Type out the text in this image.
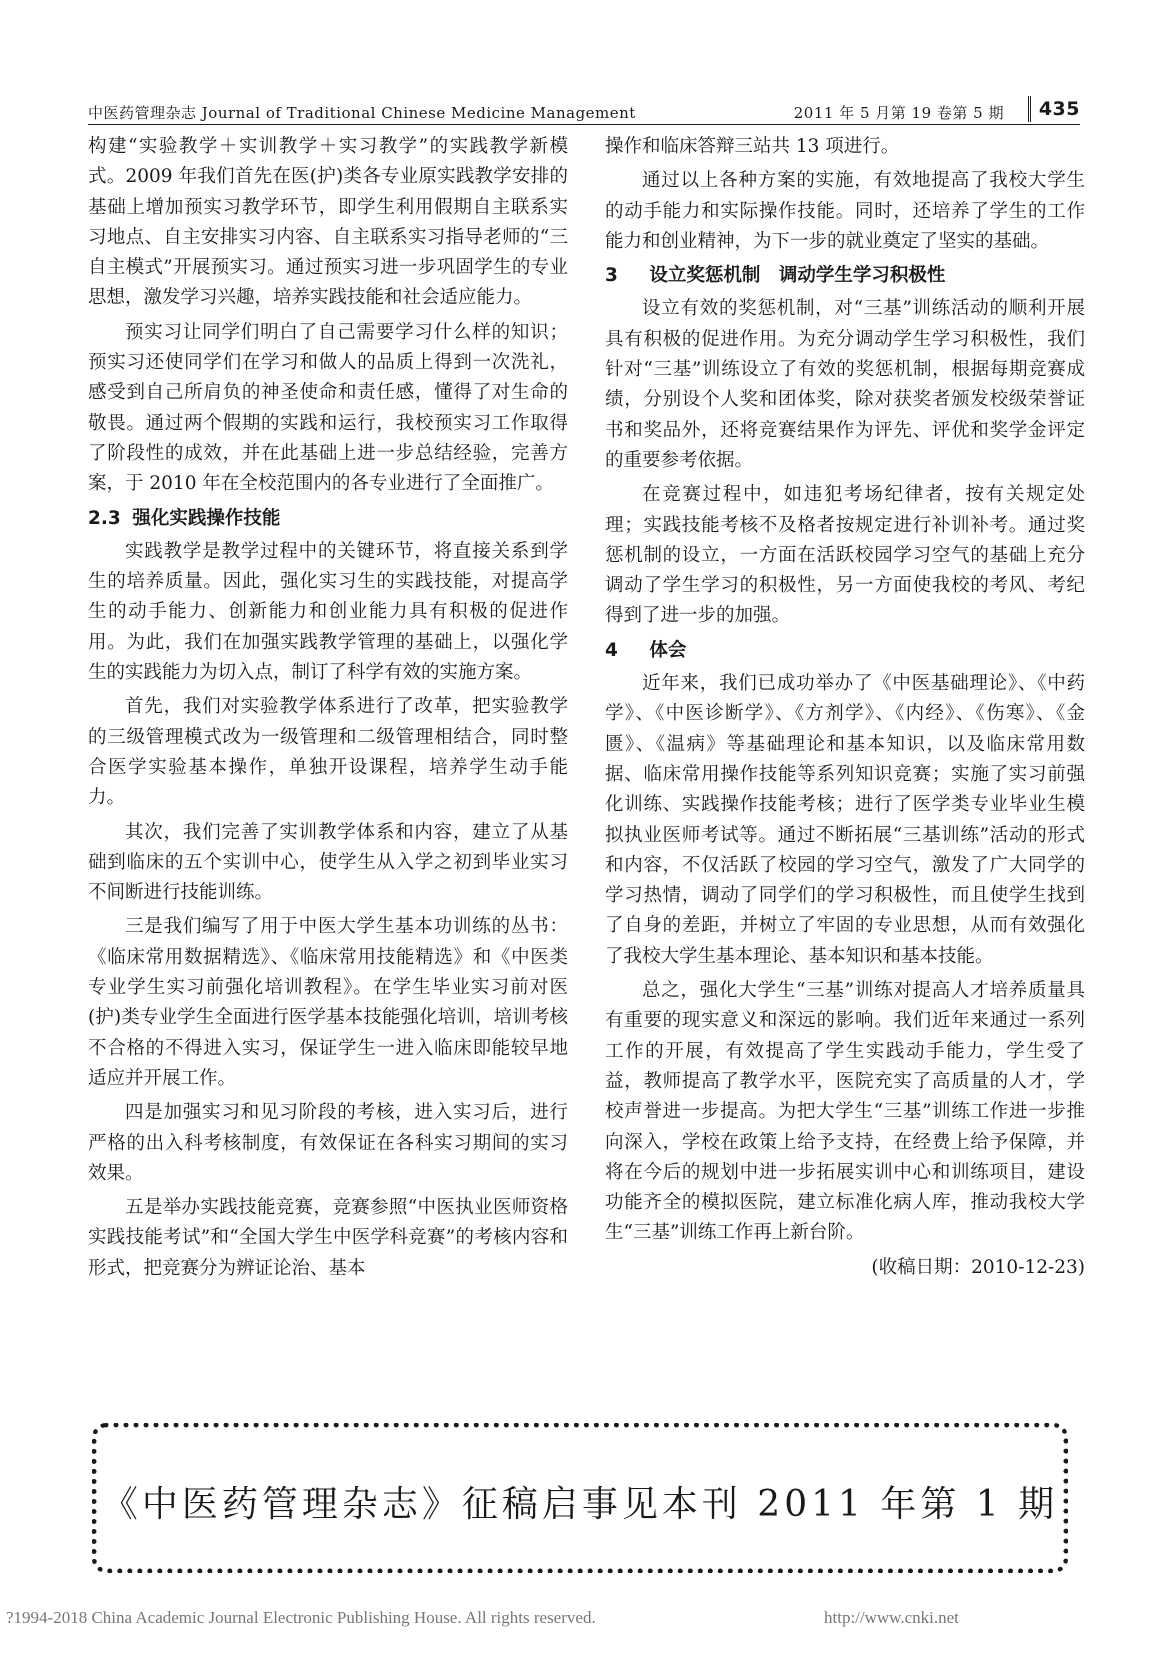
中医药管理杂志 Journal of Traditional Chinese Medicine Management	2011 年 5 月第 19 卷第 5 期	435

构建“实验教学＋实训教学＋实习教学”的实践教学新模式。2009 年我们首先在医(护)类各专业原实践教学安排的基础上增加预实习教学环节，即学生利用假期自主联系实习地点、自主安排实习内容、自主联系实习指导老师的“三自主模式”开展预实习。通过预实习进一步巩固学生的专业思想，激发学习兴趣，培养实践技能和社会适应能力。

预实习让同学们明白了自己需要学习什么样的知识；预实习还使同学们在学习和做人的品质上得到一次洗礼，感受到自己所肩负的神圣使命和责任感，懂得了对生命的敬畏。通过两个假期的实践和运行，我校预实习工作取得了阶段性的成效，并在此基础上进一步总结经验，完善方案，于 2010 年在全校范围内的各专业进行了全面推广。

2.3 强化实践操作技能

实践教学是教学过程中的关键环节，将直接关系到学生的培养质量。因此，强化实习生的实践技能，对提高学生的动手能力、创新能力和创业能力具有积极的促进作用。为此，我们在加强实践教学管理的基础上，以强化学生的实践能力为切入点，制订了科学有效的实施方案。

首先，我们对实验教学体系进行了改革，把实验教学的三级管理模式改为一级管理和二级管理相结合，同时整合医学实验基本操作，单独开设课程，培养学生动手能力。

其次，我们完善了实训教学体系和内容，建立了从基础到临床的五个实训中心，使学生从入学之初到毕业实习不间断进行技能训练。

三是我们编写了用于中医大学生基本功训练的丛书：《临床常用数据精选》、《临床常用技能精选》和《中医类专业学生实习前强化培训教程》。在学生毕业实习前对医(护)类专业学生全面进行医学基本技能强化培训，培训考核不合格的不得进入实习，保证学生一进入临床即能较早地适应并开展工作。

四是加强实习和见习阶段的考核，进入实习后，进行严格的出入科考核制度，有效保证在各科实习期间的实习效果。

五是举办实践技能竞赛，竞赛参照“中医执业医师资格实践技能考试”和“全国大学生中医学科竞赛”的考核内容和形式，把竞赛分为辨证论治、基本

操作和临床答辩三站共 13 项进行。

通过以上各种方案的实施，有效地提高了我校大学生的动手能力和实际操作技能。同时，还培养了学生的工作能力和创业精神，为下一步的就业奠定了坚实的基础。

3 设立奖惩机制　调动学生学习积极性

设立有效的奖惩机制，对“三基”训练活动的顺利开展具有积极的促进作用。为充分调动学生学习积极性，我们针对“三基”训练设立了有效的奖惩机制，根据每期竞赛成绩，分别设个人奖和团体奖，除对获奖者颁发校级荣誉证书和奖品外，还将竞赛结果作为评先、评优和奖学金评定的重要参考依据。

在竞赛过程中，如违犯考场纪律者，按有关规定处理；实践技能考核不及格者按规定进行补训补考。通过奖惩机制的设立，一方面在活跃校园学习空气的基础上充分调动了学生学习的积极性，另一方面使我校的考风、考纪得到了进一步的加强。

4 体会

近年来，我们已成功举办了《中医基础理论》、《中药学》、《中医诊断学》、《方剂学》、《内经》、《伤寒》、《金匮》、《温病》等基础理论和基本知识，以及临床常用数据、临床常用操作技能等系列知识竞赛；实施了实习前强化训练、实践操作技能考核；进行了医学类专业毕业生模拟执业医师考试等。通过不断拓展“三基训练”活动的形式和内容，不仅活跃了校园的学习空气，激发了广大同学的学习热情，调动了同学们的学习积极性，而且使学生找到了自身的差距，并树立了牢固的专业思想，从而有效强化了我校大学生基本理论、基本知识和基本技能。

总之，强化大学生“三基”训练对提高人才培养质量具有重要的现实意义和深远的影响。我们近年来通过一系列工作的开展，有效提高了学生实践动手能力，学生受了益，教师提高了教学水平，医院充实了高质量的人才，学校声誉进一步提高。为把大学生“三基”训练工作进一步推向深入，学校在政策上给予支持，在经费上给予保障，并将在今后的规划中进一步拓展实训中心和训练项目，建设功能齐全的模拟医院，建立标准化病人库，推动我校大学生“三基”训练工作再上新台阶。

(收稿日期：2010-12-23)
《中医药管理杂志》征稿启事见本刊 2011 年第 1 期
?1994-2018 China Academic Journal Electronic Publishing House. All rights reserved.	http://www.cnki.net
